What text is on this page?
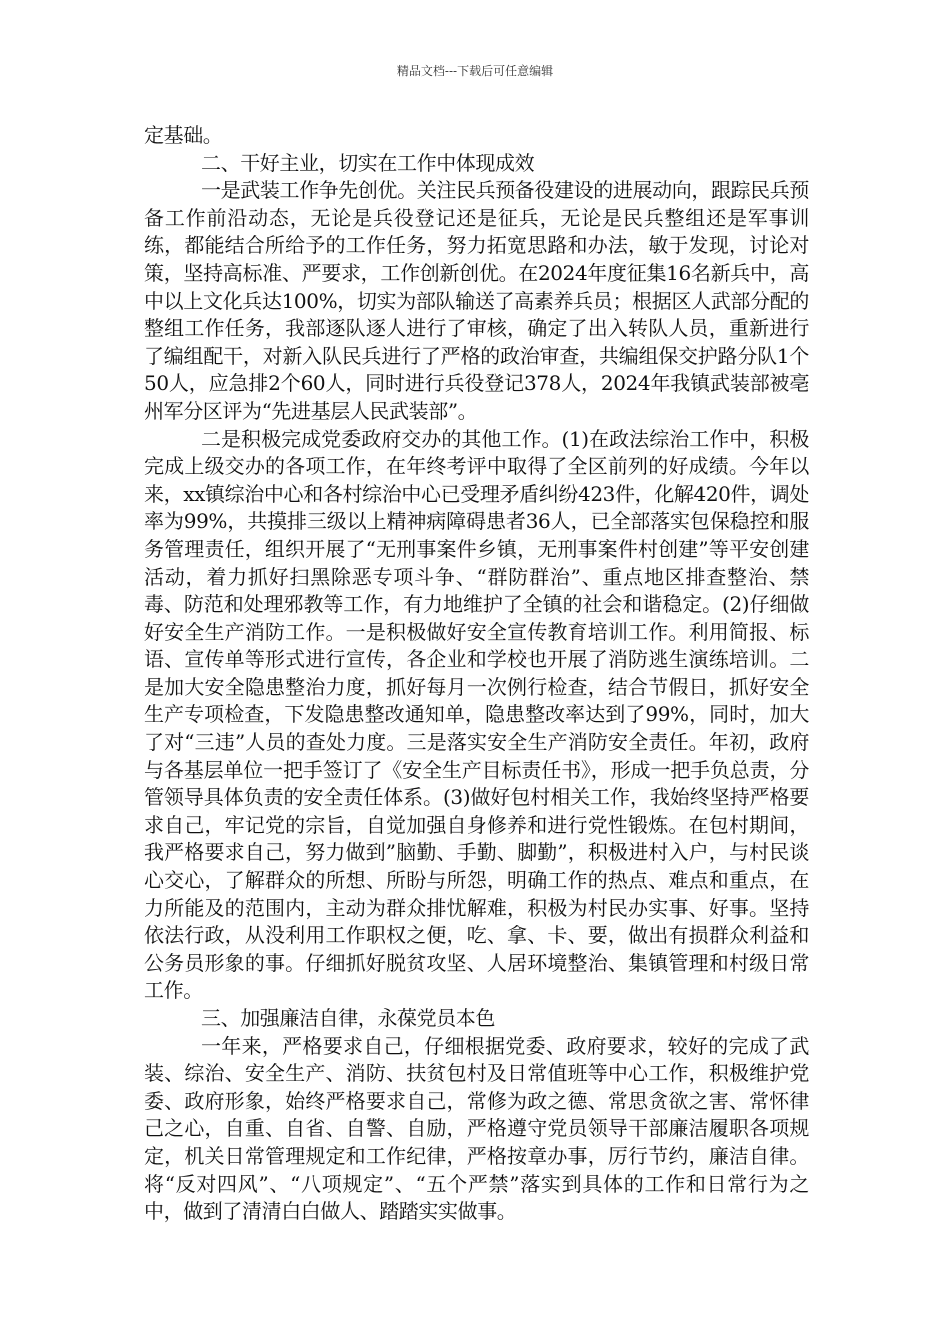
精品文档---下载后可任意编辑

定基础。

二、干好主业，切实在工作中体现成效

一是武装工作争先创优。关注民兵预备役建设的进展动向，跟踪民兵预备工作前沿动态，无论是兵役登记还是征兵，无论是民兵整组还是军事训练，都能结合所给予的工作任务，努力拓宽思路和办法，敏于发现，讨论对策，坚持高标准、严要求，工作创新创优。在2024年度征集16名新兵中，高中以上文化兵达100%，切实为部队输送了高素养兵员；根据区人武部分配的整组工作任务，我部逐队逐人进行了审核，确定了出入转队人员，重新进行了编组配干，对新入队民兵进行了严格的政治审查，共编组保交护路分队1个50人，应急排2个60人，同时进行兵役登记378人，2024年我镇武装部被亳州军分区评为“先进基层人民武装部”。

二是积极完成党委政府交办的其他工作。(1)在政法综治工作中，积极完成上级交办的各项工作，在年终考评中取得了全区前列的好成绩。今年以来，xx镇综治中心和各村综治中心已受理矛盾纠纷423件，化解420件，调处率为99%，共摸排三级以上精神病障碍患者36人，已全部落实包保稳控和服务管理责任，组织开展了“无刑事案件乡镇，无刑事案件村创建”等平安创建活动，着力抓好扫黑除恶专项斗争、“群防群治”、重点地区排查整治、禁毒、防范和处理邪教等工作，有力地维护了全镇的社会和谐稳定。(2)仔细做好安全生产消防工作。一是积极做好安全宣传教育培训工作。利用简报、标语、宣传单等形式进行宣传，各企业和学校也开展了消防逃生演练培训。二是加大安全隐患整治力度，抓好每月一次例行检查，结合节假日，抓好安全生产专项检查，下发隐患整改通知单，隐患整改率达到了99%，同时，加大了对“三违”人员的查处力度。三是落实安全生产消防安全责任。年初，政府与各基层单位一把手签订了《安全生产目标责任书》，形成一把手负总责，分管领导具体负责的安全责任体系。(3)做好包村相关工作，我始终坚持严格要求自己，牢记党的宗旨，自觉加强自身修养和进行党性锻炼。在包村期间，我严格要求自己，努力做到”脑勤、手勤、脚勤”，积极进村入户，与村民谈心交心，了解群众的所想、所盼与所怨，明确工作的热点、难点和重点，在力所能及的范围内，主动为群众排忧解难，积极为村民办实事、好事。坚持依法行政，从没利用工作职权之便，吃、拿、卡、要，做出有损群众利益和公务员形象的事。仔细抓好脱贫攻坚、人居环境整治、集镇管理和村级日常工作。

三、加强廉洁自律，永葆党员本色

一年来，严格要求自己，仔细根据党委、政府要求，较好的完成了武装、综治、安全生产、消防、扶贫包村及日常值班等中心工作，积极维护党委、政府形象，始终严格要求自己，常修为政之德、常思贪欲之害、常怀律己之心，自重、自省、自警、自励，严格遵守党员领导干部廉洁履职各项规定，机关日常管理规定和工作纪律，严格按章办事，厉行节约，廉洁自律。将“反对四风”、“八项规定”、“五个严禁”落实到具体的工作和日常行为之中，做到了清清白白做人、踏踏实实做事。
